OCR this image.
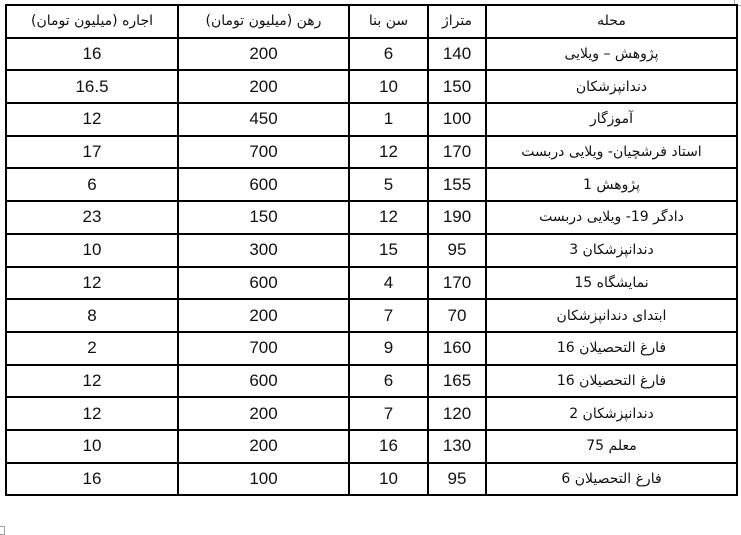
اجاره (میلیون تومان)	رهن (میلیون تومان)	سن بنا	متراژ	محله
16	200	6	140	پژوهش – ویلایی
16.5	200	10	150	دندانپزشکان
12	450	1	100	آموزگار
17	700	12	170	استاد فرشچیان- ویلایی دربست
6	600	5	155	پژوهش 1
23	150	12	190	دادگر 19- ویلایی دربست
10	300	15	95	دندانپزشکان 3
12	600	4	170	نمایشگاه 15
8	200	7	70	ابتدای دندانپزشکان
2	700	9	160	فارغ التحصیلان 16
12	600	6	165	فارغ التحصیلان 16
12	200	7	120	دندانپزشکان 2
10	200	16	130	معلم 75
16	100	10	95	فارغ التحصیلان 6
